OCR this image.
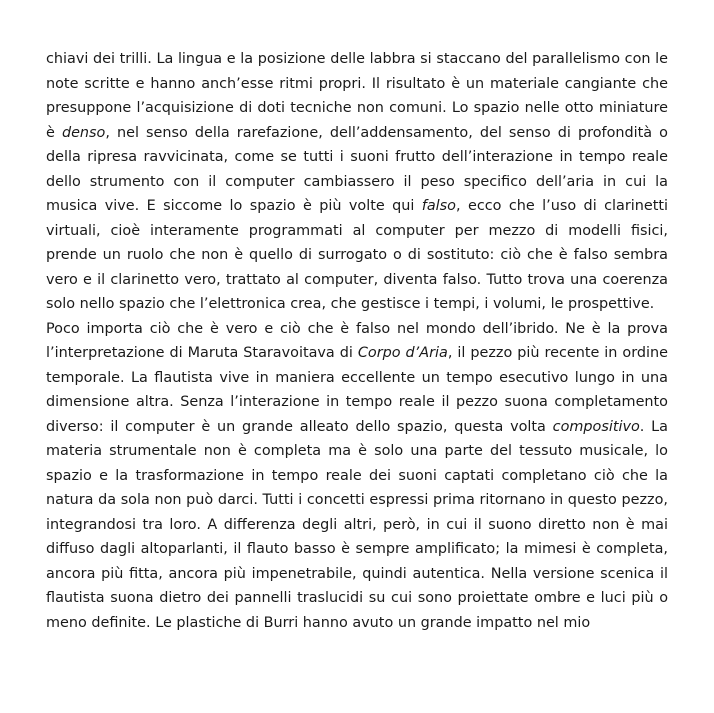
chiavi dei trilli. La lingua e la posizione delle labbra si staccano del parallelismo con le note scritte e hanno anch’esse ritmi propri. Il risultato è un materiale cangiante che presuppone l’acquisizione di doti tecniche non comuni. Lo spazio nelle otto miniature è denso, nel senso della rarefazione, dell’addensamento, del senso di profondità o della ripresa ravvicinata, come se tutti i suoni frutto dell’interazione in tempo reale dello strumento con il computer cambiassero il peso specifico dell’aria in cui la musica vive. E siccome lo spazio è più volte qui falso, ecco che l’uso di clarinetti virtuali, cioè interamente programmati al computer per mezzo di modelli fisici, prende un ruolo che non è quello di surrogato o di sostituto: ciò che è falso sembra vero e il clarinetto vero, trattato al computer, diventa falso. Tutto trova una coerenza solo nello spazio che l’elettronica crea, che gestisce i tempi, i volumi, le prospettive.

Poco importa ciò che è vero e ciò che è falso nel mondo dell’ibrido. Ne è la prova l’interpretazione di Maruta Staravoitava di Corpo d’Aria, il pezzo più recente in ordine temporale. La flautista vive in maniera eccellente un tempo esecutivo lungo in una dimensione altra. Senza l’interazione in tempo reale il pezzo suona completamento diverso: il computer è un grande alleato dello spazio, questa volta compositivo. La materia strumentale non è completa ma è solo una parte del tessuto musicale, lo spazio e la trasformazione in tempo reale dei suoni captati completano ciò che la natura da sola non può darci. Tutti i concetti espressi prima ritornano in questo pezzo, integrandosi tra loro. A differenza degli altri, però, in cui il suono diretto non è mai diffuso dagli altoparlanti, il flauto basso è sempre amplificato; la mimesi è completa, ancora più fitta, ancora più impenetrabile, quindi autentica. Nella versione scenica il flautista suona dietro dei pannelli traslucidi su cui sono proiettate ombre e luci più o meno definite. Le plastiche di Burri hanno avuto un grande impatto nel mio
